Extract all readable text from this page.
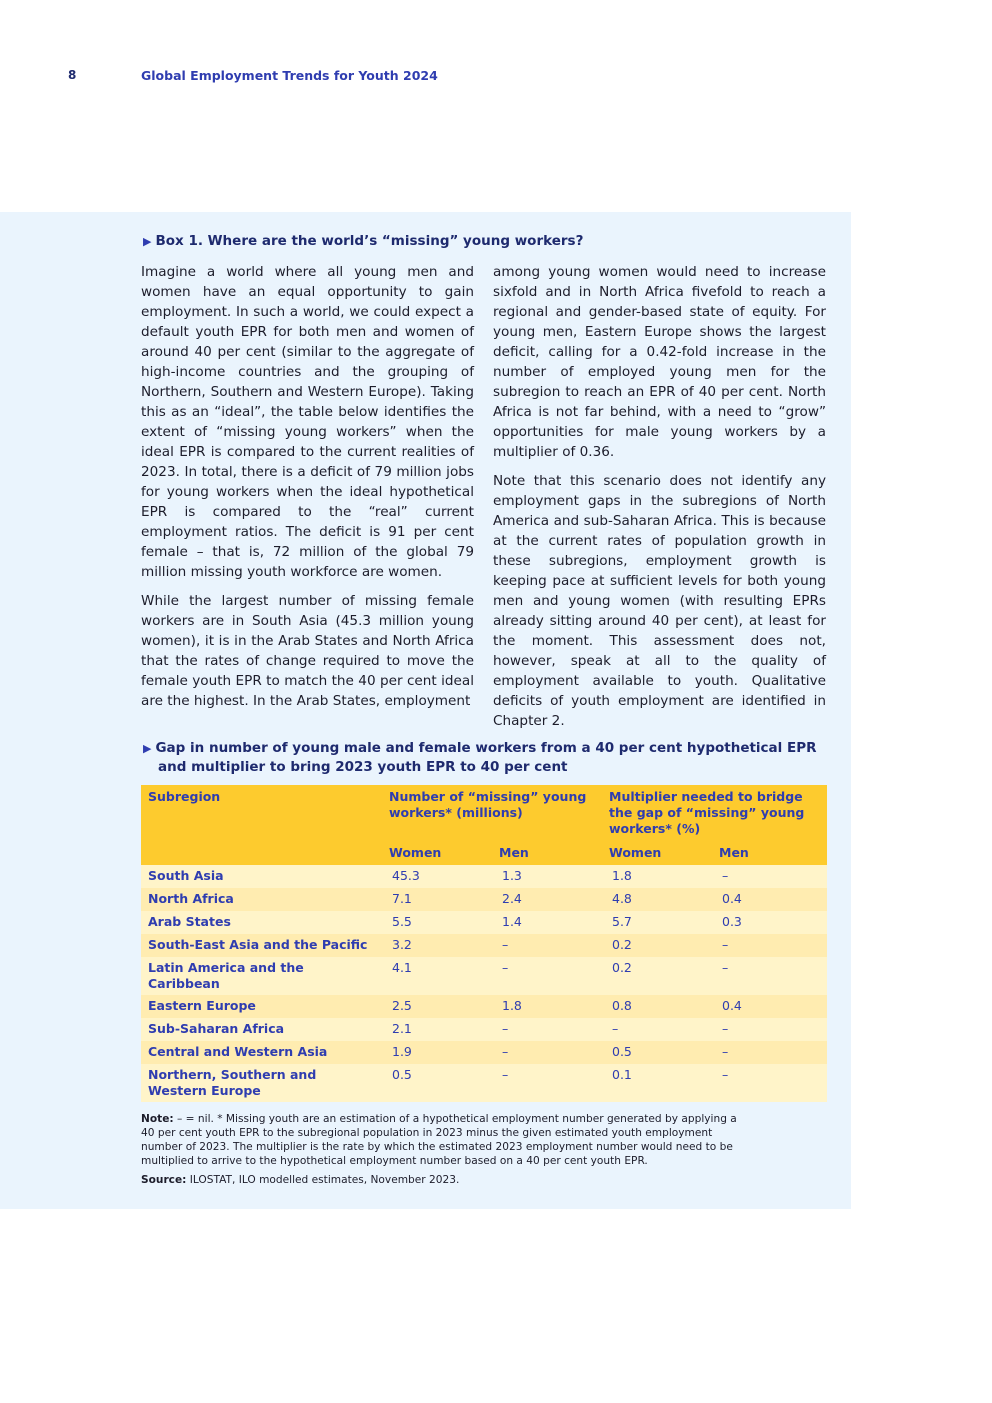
8	Global Employment Trends for Youth 2024
▶ Box 1. Where are the world’s “missing” young workers?

Imagine a world where all young men and women have an equal opportunity to gain employment. In such a world, we could expect a default youth EPR for both men and women of around 40 per cent (similar to the aggregate of high-income countries and the grouping of Northern, Southern and Western Europe). Taking this as an “ideal”, the table below identifies the extent of “missing young workers” when the ideal EPR is compared to the current realities of 2023. In total, there is a deficit of 79 million jobs for young workers when the ideal hypothetical EPR is compared to the “real” current employment ratios. The deficit is 91 per cent female – that is, 72 million of the global 79 million missing youth workforce are women.

While the largest number of missing female workers are in South Asia (45.3 million young women), it is in the Arab States and North Africa that the rates of change required to move the female youth EPR to match the 40 per cent ideal are the highest. In the Arab States, employment

among young women would need to increase sixfold and in North Africa fivefold to reach a regional and gender-based state of equity. For young men, Eastern Europe shows the largest deficit, calling for a 0.42-fold increase in the number of employed young men for the subregion to reach an EPR of 40 per cent. North Africa is not far behind, with a need to “grow” opportunities for male young workers by a multiplier of 0.36.

Note that this scenario does not identify any employment gaps in the subregions of North America and sub-Saharan Africa. This is because at the current rates of population growth in these subregions, employment growth is keeping pace at sufficient levels for both young men and young women (with resulting EPRs already sitting around 40 per cent), at least for the moment. This assessment does not, however, speak at all to the quality of employment available to youth. Qualitative deficits of youth employment are identified in Chapter 2.

▶ Gap in number of young male and female workers from a 40 per cent hypothetical EPR
and multiplier to bring 2023 youth EPR to 40 per cent
Subregion	Number of “missing” young workers* (millions)		Multiplier needed to bridge the gap of “missing” young workers* (%)	
	Women	Men	Women	Men
South Asia	45.3	1.3	1.8	–
North Africa	7.1	2.4	4.8	0.4
Arab States	5.5	1.4	5.7	0.3
South-East Asia and the Pacific	3.2	–	0.2	–
Latin America and the Caribbean	4.1	–	0.2	–
Eastern Europe	2.5	1.8	0.8	0.4
Sub-Saharan Africa	2.1	–	–	–
Central and Western Asia	1.9	–	0.5	–
Northern, Southern and Western Europe	0.5	–	0.1	–
Note: – = nil. * Missing youth are an estimation of a hypothetical employment number generated by applying a 40 per cent youth EPR to the subregional population in 2023 minus the given estimated youth employment number of 2023. The multiplier is the rate by which the estimated 2023 employment number would need to be multiplied to arrive to the hypothetical employment number based on a 40 per cent youth EPR.
Source: ILOSTAT, ILO modelled estimates, November 2023.
